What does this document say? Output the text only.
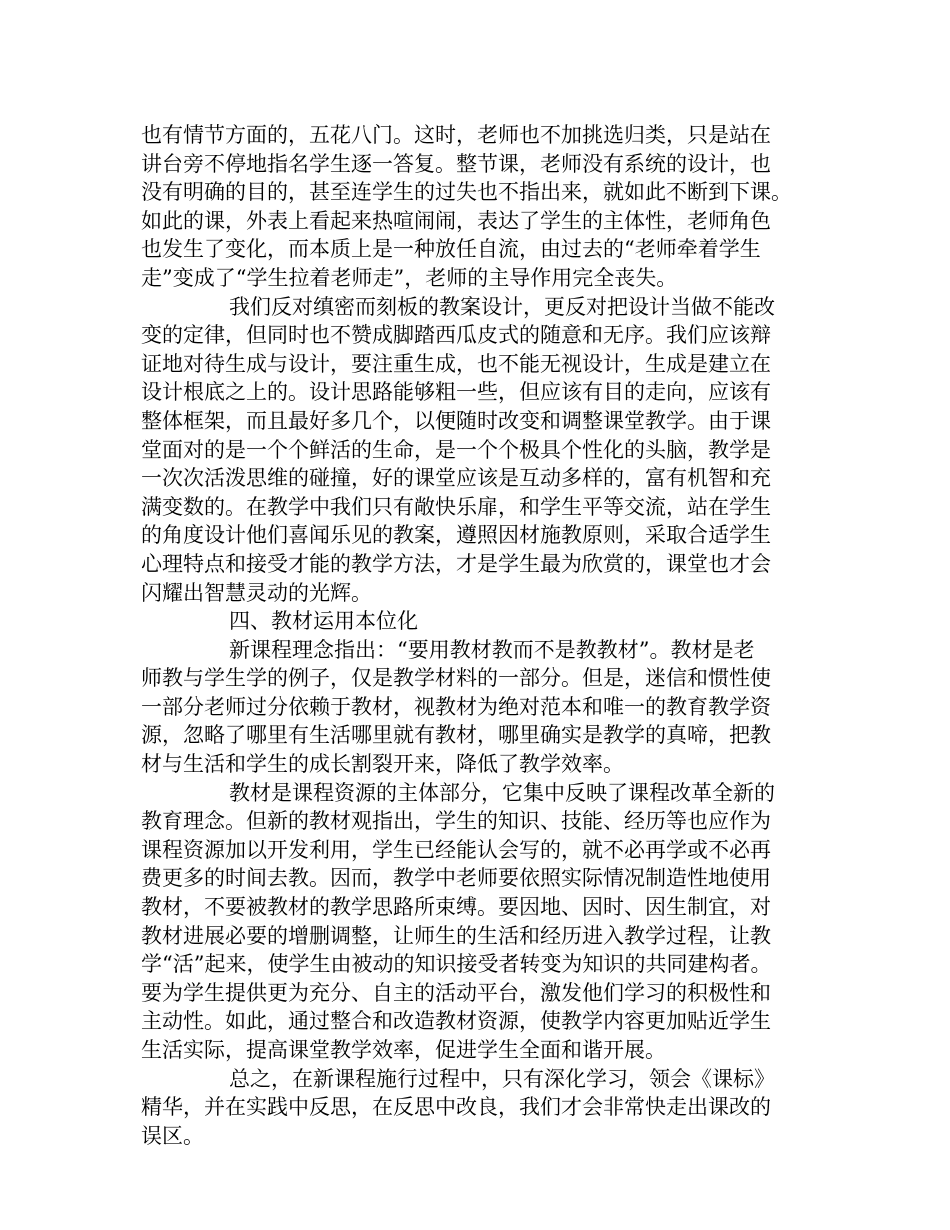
也有情节方面的，五花八门。这时，老师也不加挑选归类，只是站在
讲台旁不停地指名学生逐一答复。整节课，老师没有系统的设计，也
没有明确的目的，甚至连学生的过失也不指出来，就如此不断到下课。
如此的课，外表上看起来热喧闹闹，表达了学生的主体性，老师角色
也发生了变化，而本质上是一种放任自流，由过去的“老师牵着学生
走”变成了“学生拉着老师走”，老师的主导作用完全丧失。
我们反对缜密而刻板的教案设计，更反对把设计当做不能改
变的定律，但同时也不赞成脚踏西瓜皮式的随意和无序。我们应该辩
证地对待生成与设计，要注重生成，也不能无视设计，生成是建立在
设计根底之上的。设计思路能够粗一些，但应该有目的走向，应该有
整体框架，而且最好多几个，以便随时改变和调整课堂教学。由于课
堂面对的是一个个鲜活的生命，是一个个极具个性化的头脑，教学是
一次次活泼思维的碰撞，好的课堂应该是互动多样的，富有机智和充
满变数的。在教学中我们只有敞快乐扉，和学生平等交流，站在学生
的角度设计他们喜闻乐见的教案，遵照因材施教原则，采取合适学生
心理特点和接受才能的教学方法，才是学生最为欣赏的，课堂也才会
闪耀出智慧灵动的光辉。
四、教材运用本位化
新课程理念指出：“要用教材教而不是教教材”。教材是老
师教与学生学的例子，仅是教学材料的一部分。但是，迷信和惯性使
一部分老师过分依赖于教材，视教材为绝对范本和唯一的教育教学资
源，忽略了哪里有生活哪里就有教材，哪里确实是教学的真啼，把教
材与生活和学生的成长割裂开来，降低了教学效率。
教材是课程资源的主体部分，它集中反映了课程改革全新的
教育理念。但新的教材观指出，学生的知识、技能、经历等也应作为
课程资源加以开发利用，学生已经能认会写的，就不必再学或不必再
费更多的时间去教。因而，教学中老师要依照实际情况制造性地使用
教材，不要被教材的教学思路所束缚。要因地、因时、因生制宜，对
教材进展必要的增删调整，让师生的生活和经历进入教学过程，让教
学“活”起来，使学生由被动的知识接受者转变为知识的共同建构者。
要为学生提供更为充分、自主的活动平台，激发他们学习的积极性和
主动性。如此，通过整合和改造教材资源，使教学内容更加贴近学生
生活实际，提高课堂教学效率，促进学生全面和谐开展。
总之，在新课程施行过程中，只有深化学习，领会《课标》
精华，并在实践中反思，在反思中改良，我们才会非常快走出课改的
误区。
